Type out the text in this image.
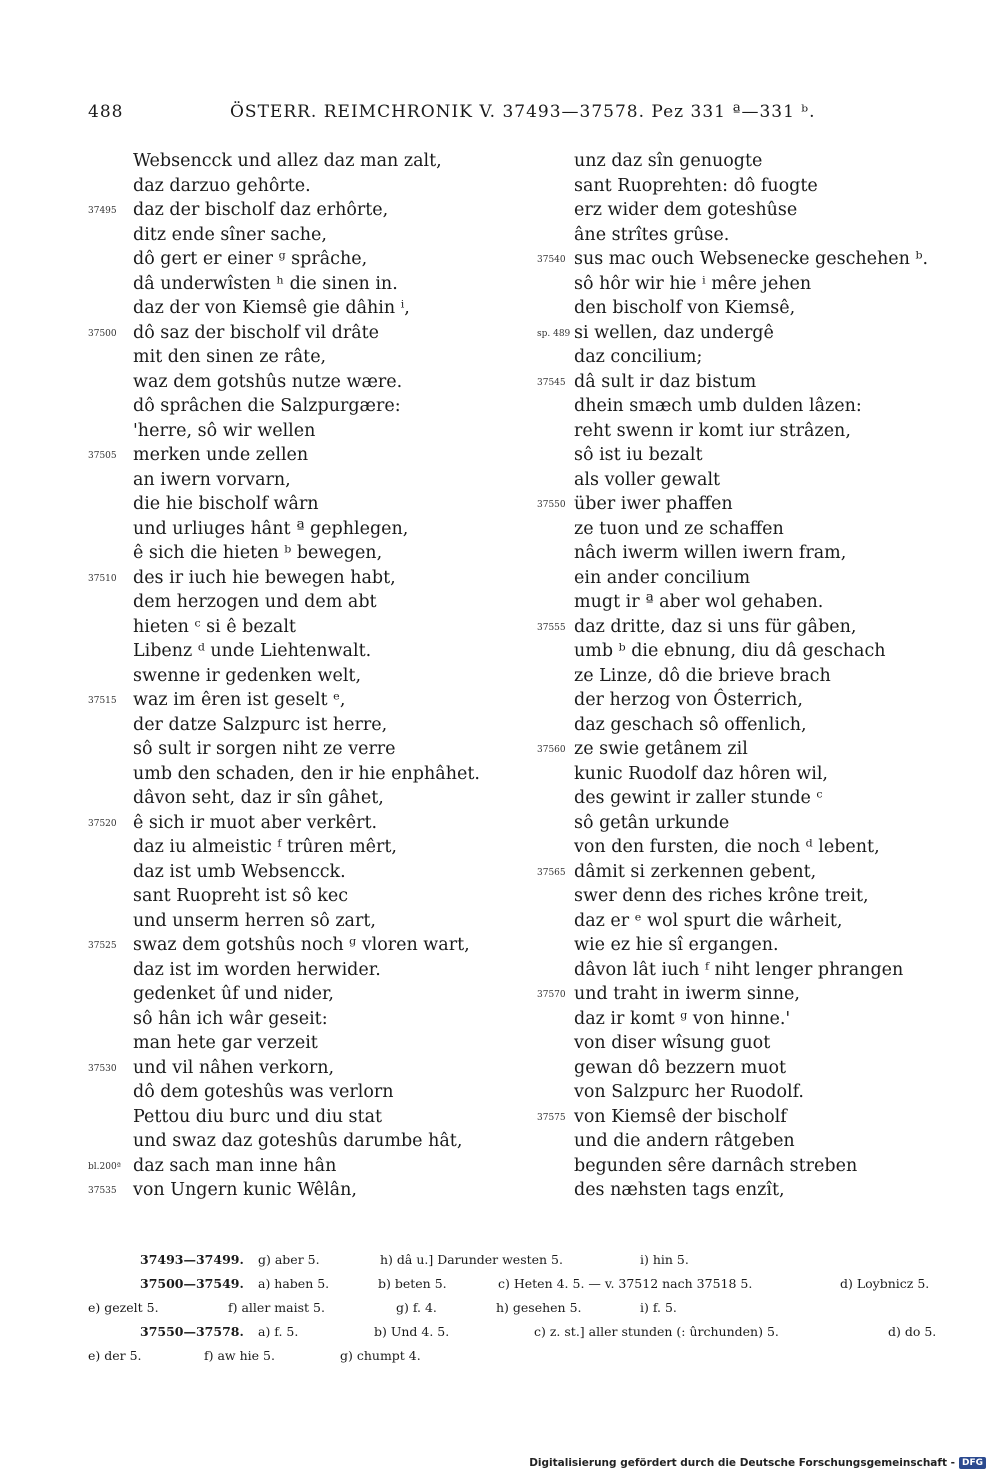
488	ÖSTERR. REIMCHRONIK V. 37493—37578. Pez 331 ª—331 ᵇ.
Websencck und allez daz man zalt,
daz darzuo gehôrte.
37495 daz der bischolf daz erhôrte,
ditz ende sîner sache,
dô gert er einer ᵍ sprâche,
dâ underwîsten ʰ die sinen in.
daz der von Kiemsê gie dâhin ⁱ,
37500 dô saz der bischolf vil drâte
mit den sinen ze râte,
waz dem gotshûs nutze wære.
dô sprâchen die Salzpurgære:
'herre, sô wir wellen
37505 merken unde zellen
an iwern vorvarn,
die hie bischolf wârn
und urliuges hânt ª gephlegen,
ê sich die hieten ᵇ bewegen,
37510 des ir iuch hie bewegen habt,
dem herzogen und dem abt
hieten ᶜ si ê bezalt
Libenz ᵈ unde Liehtenwalt.
swenne ir gedenken welt,
37515 waz im êren ist geselt ᵉ,
der datze Salzpurc ist herre,
sô sult ir sorgen niht ze verre
umb den schaden, den ir hie enphâhet.
dâvon seht, daz ir sîn gâhet,
37520 ê sich ir muot aber verkêrt.
daz iu almeistic ᶠ trûren mêrt,
daz ist umb Websencck.
sant Ruopreht ist sô kec
und unserm herren sô zart,
37525 swaz dem gotshûs noch ᵍ vloren wart,
daz ist im worden herwider.
gedenket ûf und nider,
sô hân ich wâr geseit:
man hete gar verzeit
37530 und vil nâhen verkorn,
dô dem goteshûs was verlorn
Pettou diu burc und diu stat
und swaz daz goteshûs darumbe hât,
bl.200ª daz sach man inne hân
37535 von Ungern kunic Wêlân,
unz daz sîn genuogte
sant Ruoprehten: dô fuogte
erz wider dem goteshûse
âne strîtes grûse.
37540 sus mac ouch Websenecke geschehen ᵇ.
sô hôr wir hie ⁱ mêre jehen
den bischolf von Kiemsê,
sp. 489 si wellen, daz undergê
daz concilium;
37545 dâ sult ir daz bistum
dhein smæch umb dulden lâzen:
reht swenn ir komt iur strâzen,
sô ist iu bezalt
als voller gewalt
37550 über iwer phaffen
ze tuon und ze schaffen
nâch iwerm willen iwern fram,
ein ander concilium
mugt ir ª aber wol gehaben.
37555 daz dritte, daz si uns für gâben,
umb ᵇ die ebnung, diu dâ geschach
ze Linze, dô die brieve brach
der herzog von Ôsterrich,
daz geschach sô offenlich,
37560 ze swie getânem zil
kunic Ruodolf daz hôren wil,
des gewint ir zaller stunde ᶜ
sô getân urkunde
von den fursten, die noch ᵈ lebent,
37565 dâmit si zerkennen gebent,
swer denn des riches krône treit,
daz er ᵉ wol spurt die wârheit,
wie ez hie sî ergangen.
dâvon lât iuch ᶠ niht lenger phrangen
37570 und traht in iwerm sinne,
daz ir komt ᵍ von hinne.'
von diser wîsung guot
gewan dô bezzern muot
von Salzpurc her Ruodolf.
37575 von Kiemsê der bischolf
und die andern râtgeben
begunden sêre darnâch streben
des næhsten tags enzît,
37493—37499. g) aber 5.	h) dâ u.] Darunder westen 5.	i) hin 5.
37500—37549. a) haben 5.	b) beten 5.	c) Heten 4. 5. — v. 37512 nach 37518 5.	d) Loybnicz 5.
e) gezelt 5.	f) aller maist 5.	g) f. 4.	h) gesehen 5.	i) f. 5.
37550—37578. a) f. 5.	b) Und 4. 5.	c) z. st.] aller stunden (: ûrchunden) 5.	d) do 5.
e) der 5.	f) aw hie 5.	g) chumpt 4.
Digitalisierung gefördert durch die Deutsche Forschungsgemeinschaft - DFG
